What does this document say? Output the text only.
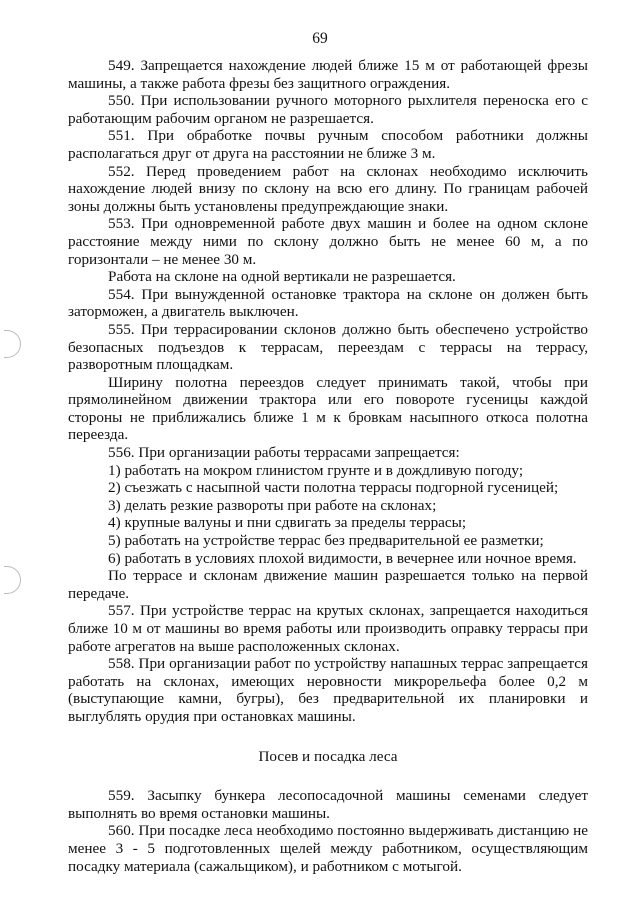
69

549. Запрещается нахождение людей ближе 15 м от работающей фрезы машины, а также работа фрезы без защитного ограждения.

550. При использовании ручного моторного рыхлителя переноска его с работающим рабочим органом не разрешается.

551. При обработке почвы ручным способом работники должны располагаться друг от друга на расстоянии не ближе 3 м.

552. Перед проведением работ на склонах необходимо исключить нахождение людей внизу по склону на всю его длину. По границам рабочей зоны должны быть установлены предупреждающие знаки.

553. При одновременной работе двух машин и более на одном склоне расстояние между ними по склону должно быть не менее 60 м, а по горизонтали – не менее 30 м.

Работа на склоне на одной вертикали не разрешается.

554. При вынужденной остановке трактора на склоне он должен быть заторможен, а двигатель выключен.

555. При террасировании склонов должно быть обеспечено устройство безопасных подъездов к террасам, переездам с террасы на террасу, разворотным площадкам.

Ширину полотна переездов следует принимать такой, чтобы при прямолинейном движении трактора или его повороте гусеницы каждой стороны не приближались ближе 1 м к бровкам насыпного откоса полотна переезда.

556. При организации работы террасами запрещается:

1) работать на мокром глинистом грунте и в дождливую погоду;

2) съезжать с насыпной части полотна террасы подгорной гусеницей;

3) делать резкие развороты при работе на склонах;

4) крупные валуны и пни сдвигать за пределы террасы;

5) работать на устройстве террас без предварительной ее разметки;

6) работать в условиях плохой видимости, в вечернее или ночное время.

По террасе и склонам движение машин разрешается только на первой передаче.

557. При устройстве террас на крутых склонах, запрещается находиться ближе 10 м от машины во время работы или производить оправку террасы при работе агрегатов на выше расположенных склонах.

558. При организации работ по устройству напашных террас запрещается работать на склонах, имеющих неровности микрорельефа более 0,2 м (выступающие камни, бугры), без предварительной их планировки и выглублять орудия при остановках машины.

Посев и посадка леса

559. Засыпку бункера лесопосадочной машины семенами следует выполнять во время остановки машины.

560. При посадке леса необходимо постоянно выдерживать дистанцию не менее 3 - 5 подготовленных щелей между работником, осуществляющим посадку материала (сажальщиком), и работником с мотыгой.
